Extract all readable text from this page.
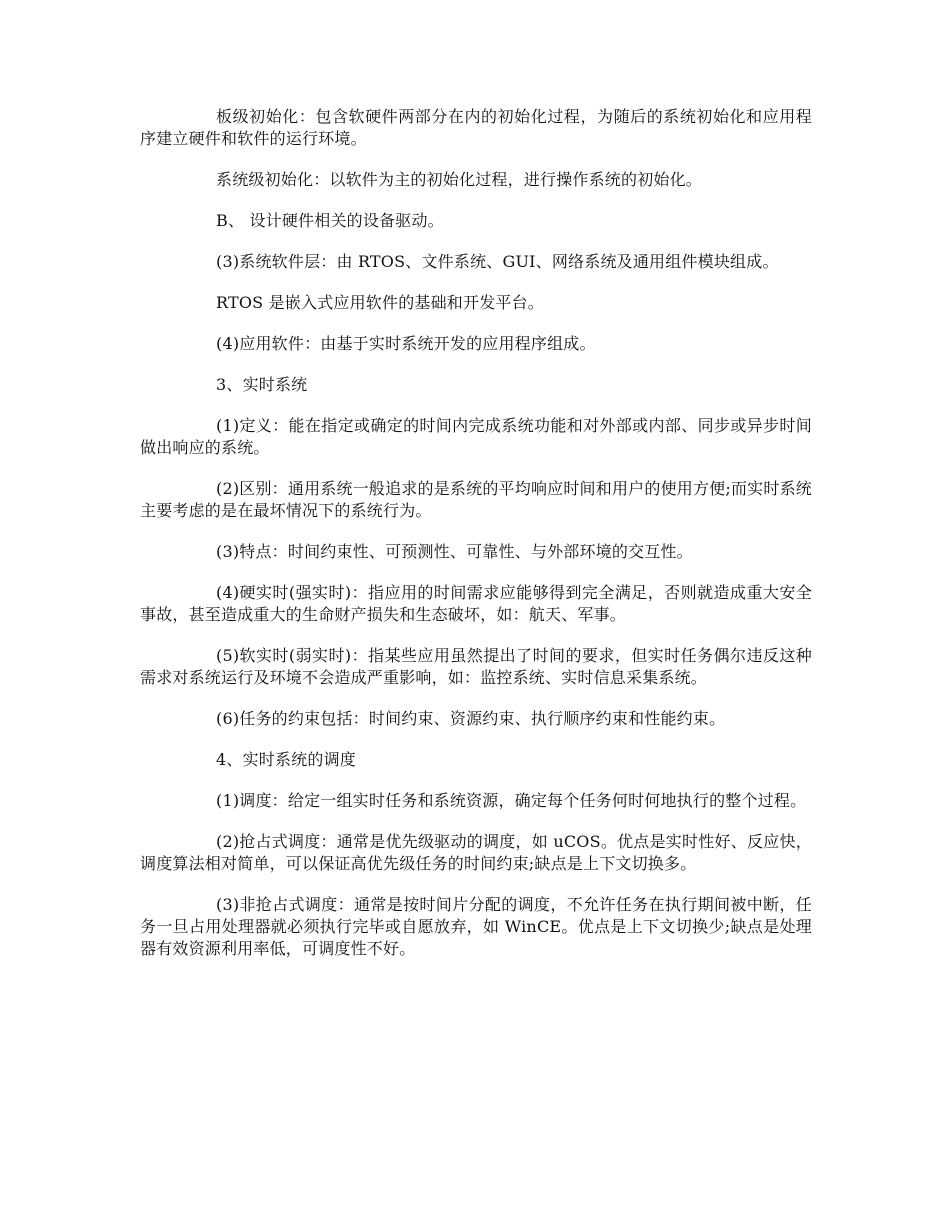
板级初始化：包含软硬件两部分在内的初始化过程，为随后的系统初始化和应用程序建立硬件和软件的运行环境。

系统级初始化：以软件为主的初始化过程，进行操作系统的初始化。

B、 设计硬件相关的设备驱动。

(3)系统软件层：由 RTOS、文件系统、GUI、网络系统及通用组件模块组成。

RTOS 是嵌入式应用软件的基础和开发平台。

(4)应用软件：由基于实时系统开发的应用程序组成。

3、实时系统

(1)定义：能在指定或确定的时间内完成系统功能和对外部或内部、同步或异步时间做出响应的系统。

(2)区别：通用系统一般追求的是系统的平均响应时间和用户的使用方便;而实时系统主要考虑的是在最坏情况下的系统行为。

(3)特点：时间约束性、可预测性、可靠性、与外部环境的交互性。

(4)硬实时(强实时)：指应用的时间需求应能够得到完全满足，否则就造成重大安全事故，甚至造成重大的生命财产损失和生态破坏，如：航天、军事。

(5)软实时(弱实时)：指某些应用虽然提出了时间的要求，但实时任务偶尔违反这种需求对系统运行及环境不会造成严重影响，如：监控系统、实时信息采集系统。

(6)任务的约束包括：时间约束、资源约束、执行顺序约束和性能约束。

4、实时系统的调度

(1)调度：给定一组实时任务和系统资源，确定每个任务何时何地执行的整个过程。

(2)抢占式调度：通常是优先级驱动的调度，如 uCOS。优点是实时性好、反应快，调度算法相对简单，可以保证高优先级任务的时间约束;缺点是上下文切换多。

(3)非抢占式调度：通常是按时间片分配的调度，不允许任务在执行期间被中断，任务一旦占用处理器就必须执行完毕或自愿放弃，如 WinCE。优点是上下文切换少;缺点是处理器有效资源利用率低，可调度性不好。
